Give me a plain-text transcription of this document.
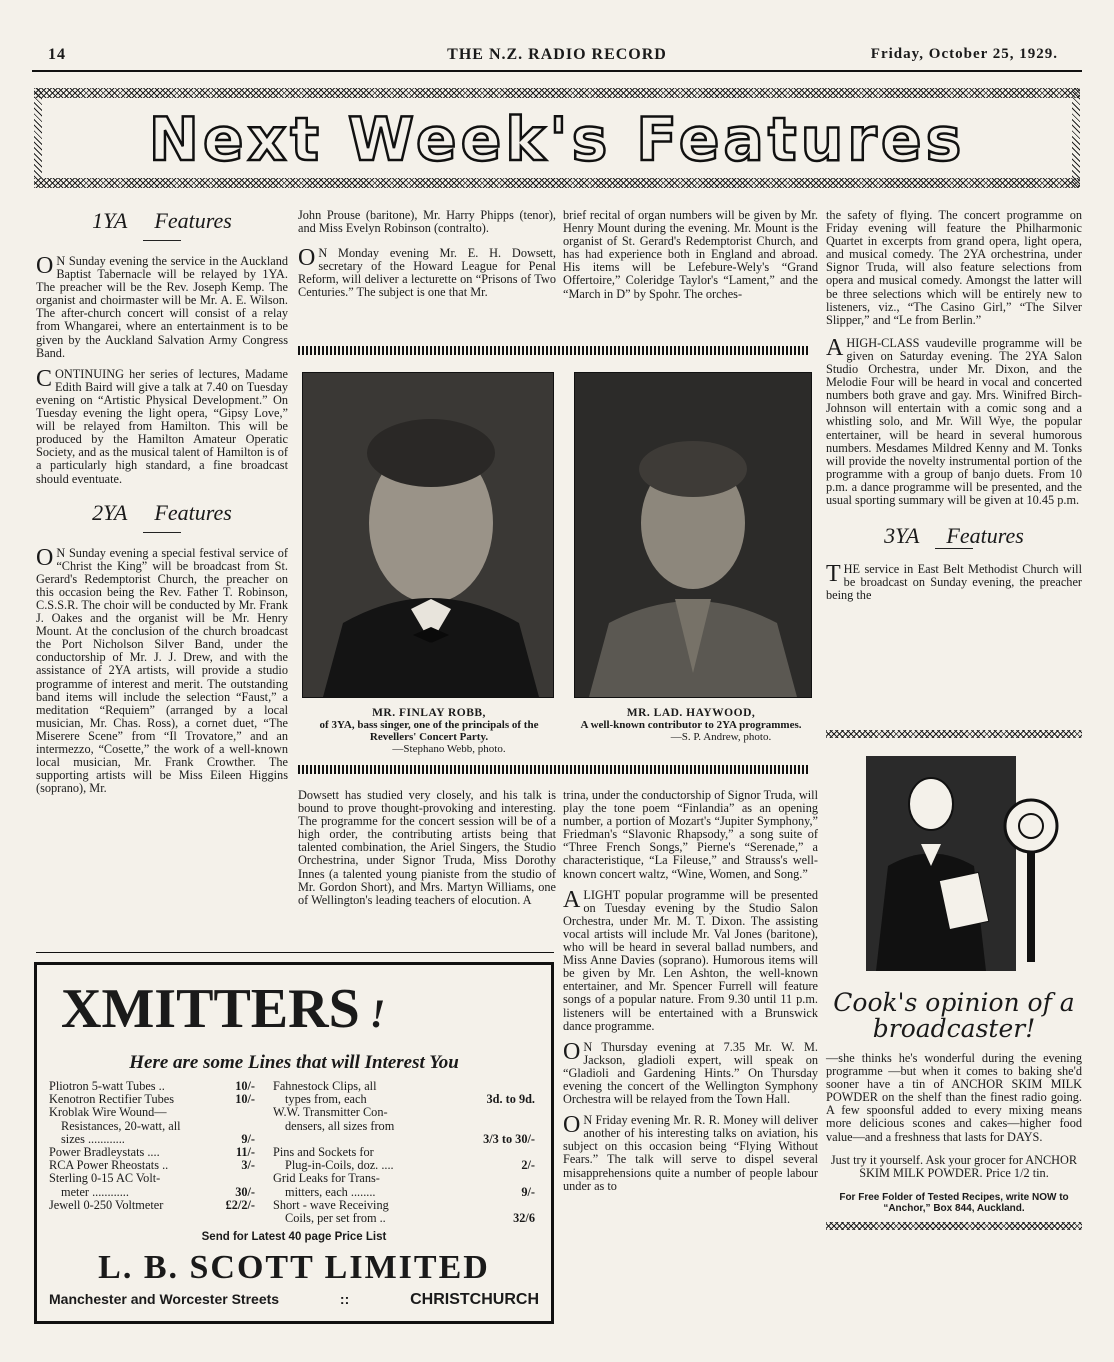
14	THE N.Z. RADIO RECORD	Friday, October 25, 1929.
Next Week's Features
1YA Features

ON Sunday evening the service in the Auckland Baptist Tabernacle will be relayed by 1YA. The preacher will be the Rev. Joseph Kemp. The organist and choirmaster will be Mr. A. E. Wilson. The after-church concert will consist of a relay from Whangarei, where an entertainment is to be given by the Auckland Salvation Army Congress Band.

CONTINUING her series of lectures, Madame Edith Baird will give a talk at 7.40 on Tuesday evening on “Artistic Physical Development.” On Tuesday evening the light opera, “Gipsy Love,” will be relayed from Hamilton. This will be produced by the Hamilton Amateur Operatic Society, and as the musical talent of Hamilton is of a particularly high standard, a fine broadcast should eventuate.

2YA Features

ON Sunday evening a special festival service of “Christ the King” will be broadcast from St. Gerard's Redemptorist Church, the preacher on this occasion being the Rev. Father T. Robinson, C.S.S.R. The choir will be conducted by Mr. Frank J. Oakes and the organist will be Mr. Henry Mount. At the conclusion of the church broadcast the Port Nicholson Silver Band, under the conductorship of Mr. J. J. Drew, and with the assistance of 2YA artists, will provide a studio programme of interest and merit. The outstanding band items will include the selection “Faust,” a meditation “Requiem” (arranged by a local musician, Mr. Chas. Ross), a cornet duet, “The Miserere Scene” from “Il Trovatore,” and an intermezzo, “Cosette,” the work of a well-known local musician, Mr. Frank Crowther. The supporting artists will be Miss Eileen Higgins (soprano), Mr.

John Prouse (baritone), Mr. Harry Phipps (tenor), and Miss Evelyn Robinson (contralto).

ON Monday evening Mr. E. H. Dowsett, secretary of the Howard League for Penal Reform, will deliver a lecturette on “Prisons of Two Centuries.” The subject is one that Mr.

brief recital of organ numbers will be given by Mr. Henry Mount during the evening. Mr. Mount is the organist of St. Gerard's Redemptorist Church, and has had experience both in England and abroad. His items will be Lefebure-Wely's “Grand Offertoire,” Coleridge Taylor's “Lament,” and the “March in D” by Spohr. The orches-

MR. FINLAY ROBB,
of 3YA, bass singer, one of the principals of the Revellers' Concert Party.
—Stephano Webb, photo.
MR. LAD. HAYWOOD,
A well-known contributor to 2YA programmes.
—S. P. Andrew, photo.

the safety of flying. The concert programme on Friday evening will feature the Philharmonic Quartet in excerpts from grand opera, light opera, and musical comedy. The 2YA orchestrina, under Signor Truda, will also feature selections from opera and musical comedy. Amongst the latter will be three selections which will be entirely new to listeners, viz., “The Casino Girl,” “The Silver Slipper,” and “Le from Berlin.”

AHIGH-CLASS vaudeville programme will be given on Saturday evening. The 2YA Salon Studio Orchestra, under Mr. Dixon, and the Melodie Four will be heard in vocal and concerted numbers both grave and gay. Mrs. Winifred Birch-Johnson will entertain with a comic song and a whistling solo, and Mr. Will Wye, the popular entertainer, will be heard in several humorous numbers. Mesdames Mildred Kenny and M. Tonks will provide the novelty instrumental portion of the programme with a group of banjo duets. From 10 p.m. a dance programme will be presented, and the usual sporting summary will be given at 10.45 p.m.

3YA Features

THE service in East Belt Methodist Church will be broadcast on Sunday evening, the preacher being the

Dowsett has studied very closely, and his talk is bound to prove thought-provoking and interesting. The programme for the concert session will be of a high order, the contributing artists being that talented combination, the Ariel Singers, the Studio Orchestrina, under Signor Truda, Miss Dorothy Innes (a talented young pianiste from the studio of Mr. Gordon Short), and Mrs. Martyn Williams, one of Wellington's leading teachers of elocution. A

trina, under the conductorship of Signor Truda, will play the tone poem “Finlandia” as an opening number, a portion of Mozart's “Jupiter Symphony,” Friedman's “Slavonic Rhapsody,” a song suite of “Three French Songs,” Pierne's “Serenade,” a characteristique, “La Fileuse,” and Strauss's well-known concert waltz, “Wine, Women, and Song.”

ALIGHT popular programme will be presented on Tuesday evening by the Studio Salon Orchestra, under Mr. M. T. Dixon. The assisting vocal artists will include Mr. Val Jones (baritone), who will be heard in several ballad numbers, and Miss Anne Davies (soprano). Humorous items will be given by Mr. Len Ashton, the well-known entertainer, and Mr. Spencer Furrell will feature songs of a popular nature. From 9.30 until 11 p.m. listeners will be entertained with a Brunswick dance programme.

ON Thursday evening at 7.35 Mr. W. M. Jackson, gladioli expert, will speak on “Gladioli and Gardening Hints.” On Thursday evening the concert of the Wellington Symphony Orchestra will be relayed from the Town Hall.

ON Friday evening Mr. R. R. Money will deliver another of his interesting talks on aviation, his subject on this occasion being “Flying Without Fears.” The talk will serve to dispel several misapprehensions quite a number of people labour under as to

XMITTERS !
Here are some Lines that will Interest You
Pliotron 5-watt Tubes ..	10/-
Kenotron Rectifier Tubes	10/-
Kroblak Wire Wound—
Resistances, 20-watt, all
sizes ............	9/-
Power Bradleystats ....	11/-
RCA Power Rheostats ..	3/-
Sterling 0-15 AC Volt-
meter ............	30/-
Jewell 0-250 Voltmeter	£2/2/-
Fahnestock Clips, all
types from, each	3d. to 9d.
W.W. Transmitter Con-
densers, all sizes from
3/3 to 30/-
Pins and Sockets for
Plug-in-Coils, doz. ....	2/-
Grid Leaks for Trans-
mitters, each ........	9/-
Short - wave Receiving
Coils, per set from ..	32/6
Send for Latest 40 page Price List
L. B. SCOTT LIMITED
Manchester and Worcester Streets	::	CHRISTCHURCH
Cook's opinion of a broadcaster!
—she thinks he's wonderful during the evening programme —but when it comes to baking she'd sooner have a tin of ANCHOR SKIM MILK POWDER on the shelf than the finest radio going. A few spoonsful added to every mixing means more delicious scones and cakes—higher food value—and a freshness that lasts for DAYS.
Just try it yourself. Ask your grocer for ANCHOR SKIM MILK POWDER. Price 1/2 tin.
For Free Folder of Tested Recipes, write NOW to “Anchor,” Box 844, Auckland.
